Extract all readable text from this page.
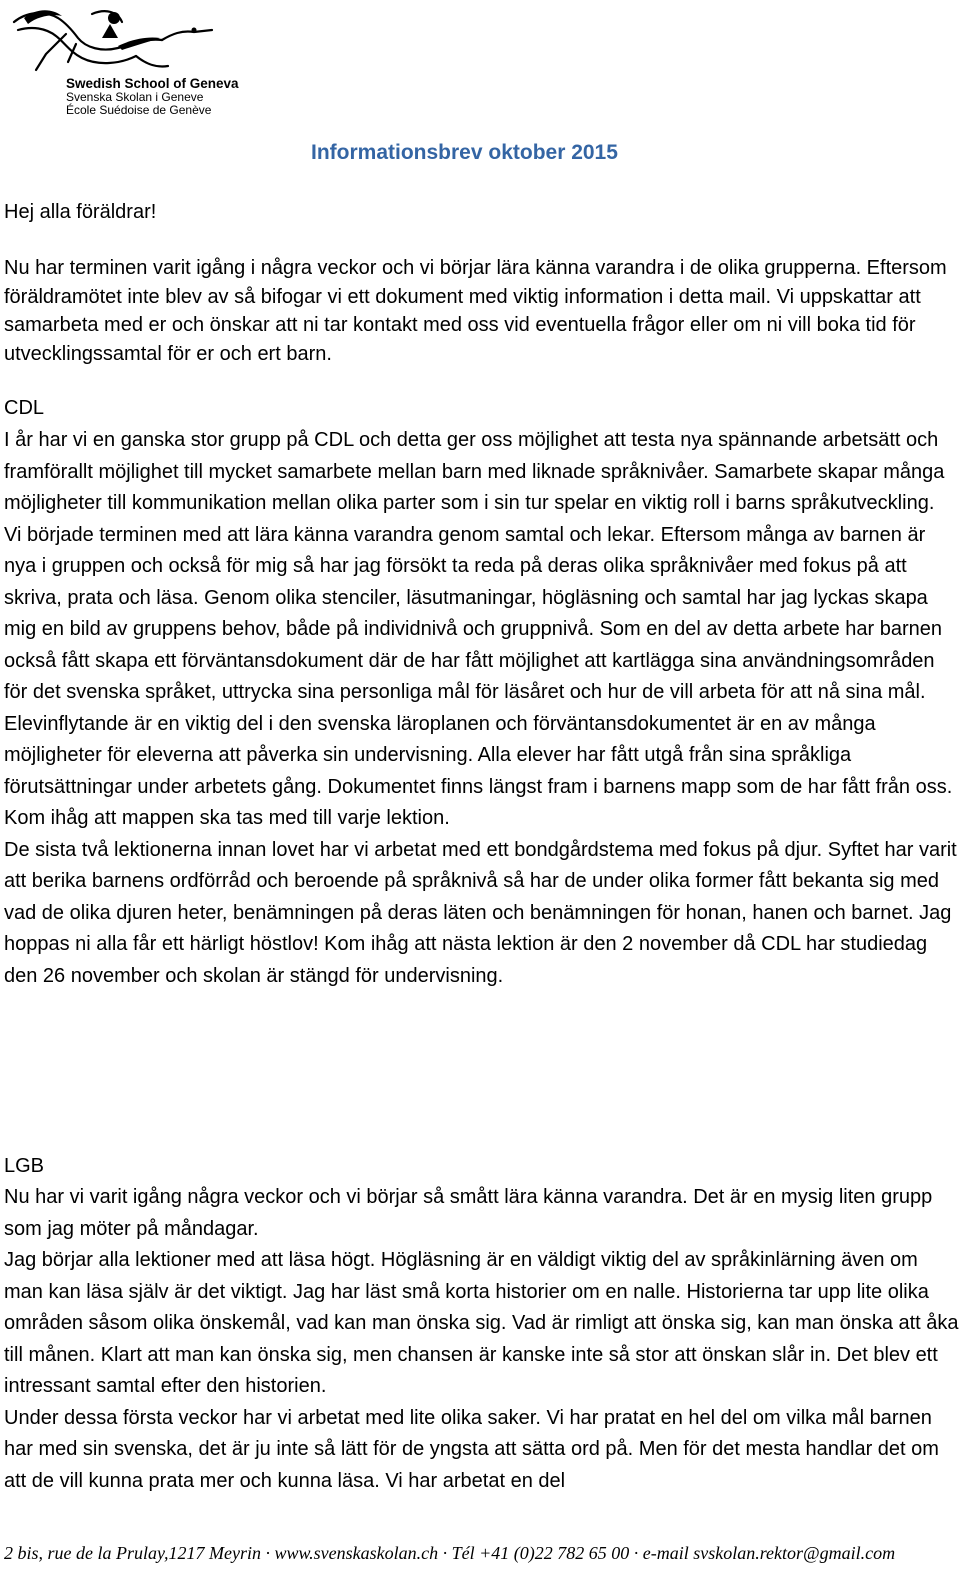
Swedish School of Geneva
Svenska Skolan i Geneve
École Suédoise de Genève
Informationsbrev oktober 2015
Hej alla föräldrar!
Nu har terminen varit igång i några veckor och vi börjar lära känna varandra i de olika grupperna. Eftersom föräldramötet inte blev av så bifogar vi ett dokument med viktig information i detta mail. Vi uppskattar att samarbeta med er och önskar att ni tar kontakt med oss vid eventuella frågor eller om ni vill boka tid för utvecklingssamtal för er och ert barn.
CDL

I år har vi en ganska stor grupp på CDL och detta ger oss möjlighet att testa nya spännande arbetsätt och framförallt möjlighet till mycket samarbete mellan barn med liknade språknivåer. Samarbete skapar många möjligheter till kommunikation mellan olika parter som i sin tur spelar en viktig roll i barns språkutveckling.

Vi började terminen med att lära känna varandra genom samtal och lekar. Eftersom många av barnen är nya i gruppen och också för mig så har jag försökt ta reda på deras olika språknivåer med fokus på att skriva, prata och läsa. Genom olika stenciler, läsutmaningar, högläsning och samtal har jag lyckas skapa mig en bild av gruppens behov, både på individnivå och gruppnivå. Som en del av detta arbete har barnen också fått skapa ett förväntansdokument där de har fått möjlighet att kartlägga sina användningsområden för det svenska språket, uttrycka sina personliga mål för läsåret och hur de vill arbeta för att nå sina mål. Elevinflytande är en viktig del i den svenska läroplanen och förväntansdokumentet är en av många möjligheter för eleverna att påverka sin undervisning. Alla elever har fått utgå från sina språkliga förutsättningar under arbetets gång. Dokumentet finns längst fram i barnens mapp som de har fått från oss. Kom ihåg att mappen ska tas med till varje lektion.

De sista två lektionerna innan lovet har vi arbetat med ett bondgårdstema med fokus på djur. Syftet har varit att berika barnens ordförråd och beroende på språknivå så har de under olika former fått bekanta sig med vad de olika djuren heter, benämningen på deras läten och benämningen för honan, hanen och barnet. Jag hoppas ni alla får ett härligt höstlov! Kom ihåg att nästa lektion är den 2 november då CDL har studiedag den 26 november och skolan är stängd för undervisning.

LGB

Nu har vi varit igång några veckor och vi börjar så smått lära känna varandra. Det är en mysig liten grupp som jag möter på måndagar.

Jag börjar alla lektioner med att läsa högt. Högläsning är en väldigt viktig del av språkinlärning även om man kan läsa själv är det viktigt. Jag har läst små korta historier om en nalle. Historierna tar upp lite olika områden såsom olika önskemål, vad kan man önska sig. Vad är rimligt att önska sig, kan man önska att åka till månen. Klart att man kan önska sig, men chansen är kanske inte så stor att önskan slår in. Det blev ett intressant samtal efter den historien.

Under dessa första veckor har vi arbetat med lite olika saker. Vi har pratat en hel del om vilka mål barnen har med sin svenska, det är ju inte så lätt för de yngsta att sätta ord på. Men för det mesta handlar det om att de vill kunna prata mer och kunna läsa. Vi har arbetat en del

2 bis, rue de la Prulay,1217 Meyrin · www.svenskaskolan.ch · Tél +41 (0)22 782 65 00 · e-mail svskolan.rektor@gmail.com
